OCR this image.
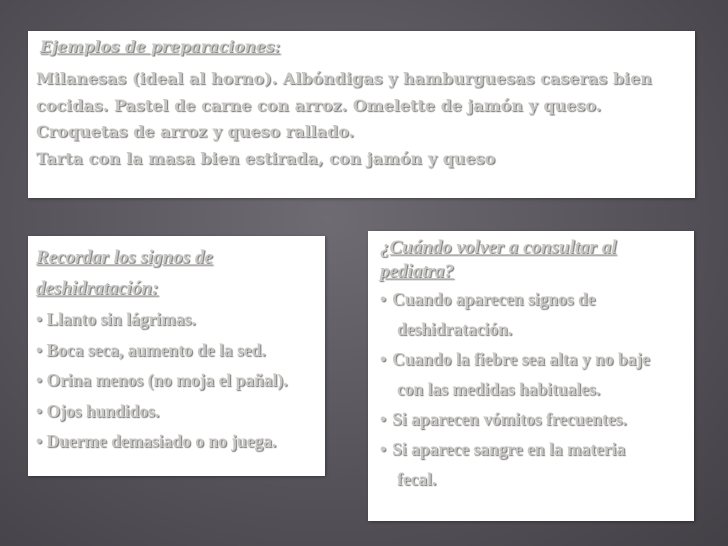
Ejemplos de preparaciones:
Milanesas (ideal al horno). Albóndigas y hamburguesas caseras bien
cocidas. Pastel de carne con arroz. Omelette de jamón y queso.
Croquetas de arroz y queso rallado.
Tarta con la masa bien estirada, con jamón y queso
Recordar los signos de
deshidratación:
• Llanto sin lágrimas.
• Boca seca, aumento de la sed.
• Orina menos (no moja el pañal).
• Ojos hundidos.
• Duerme demasiado o no juega.
¿Cuándo volver a consultar al
pediatra?
• Cuando aparecen signos de
deshidratación.
• Cuando la fiebre sea alta y no baje
con las medidas habituales.
• Si aparecen vómitos frecuentes.
• Si aparece sangre en la materia
fecal.
